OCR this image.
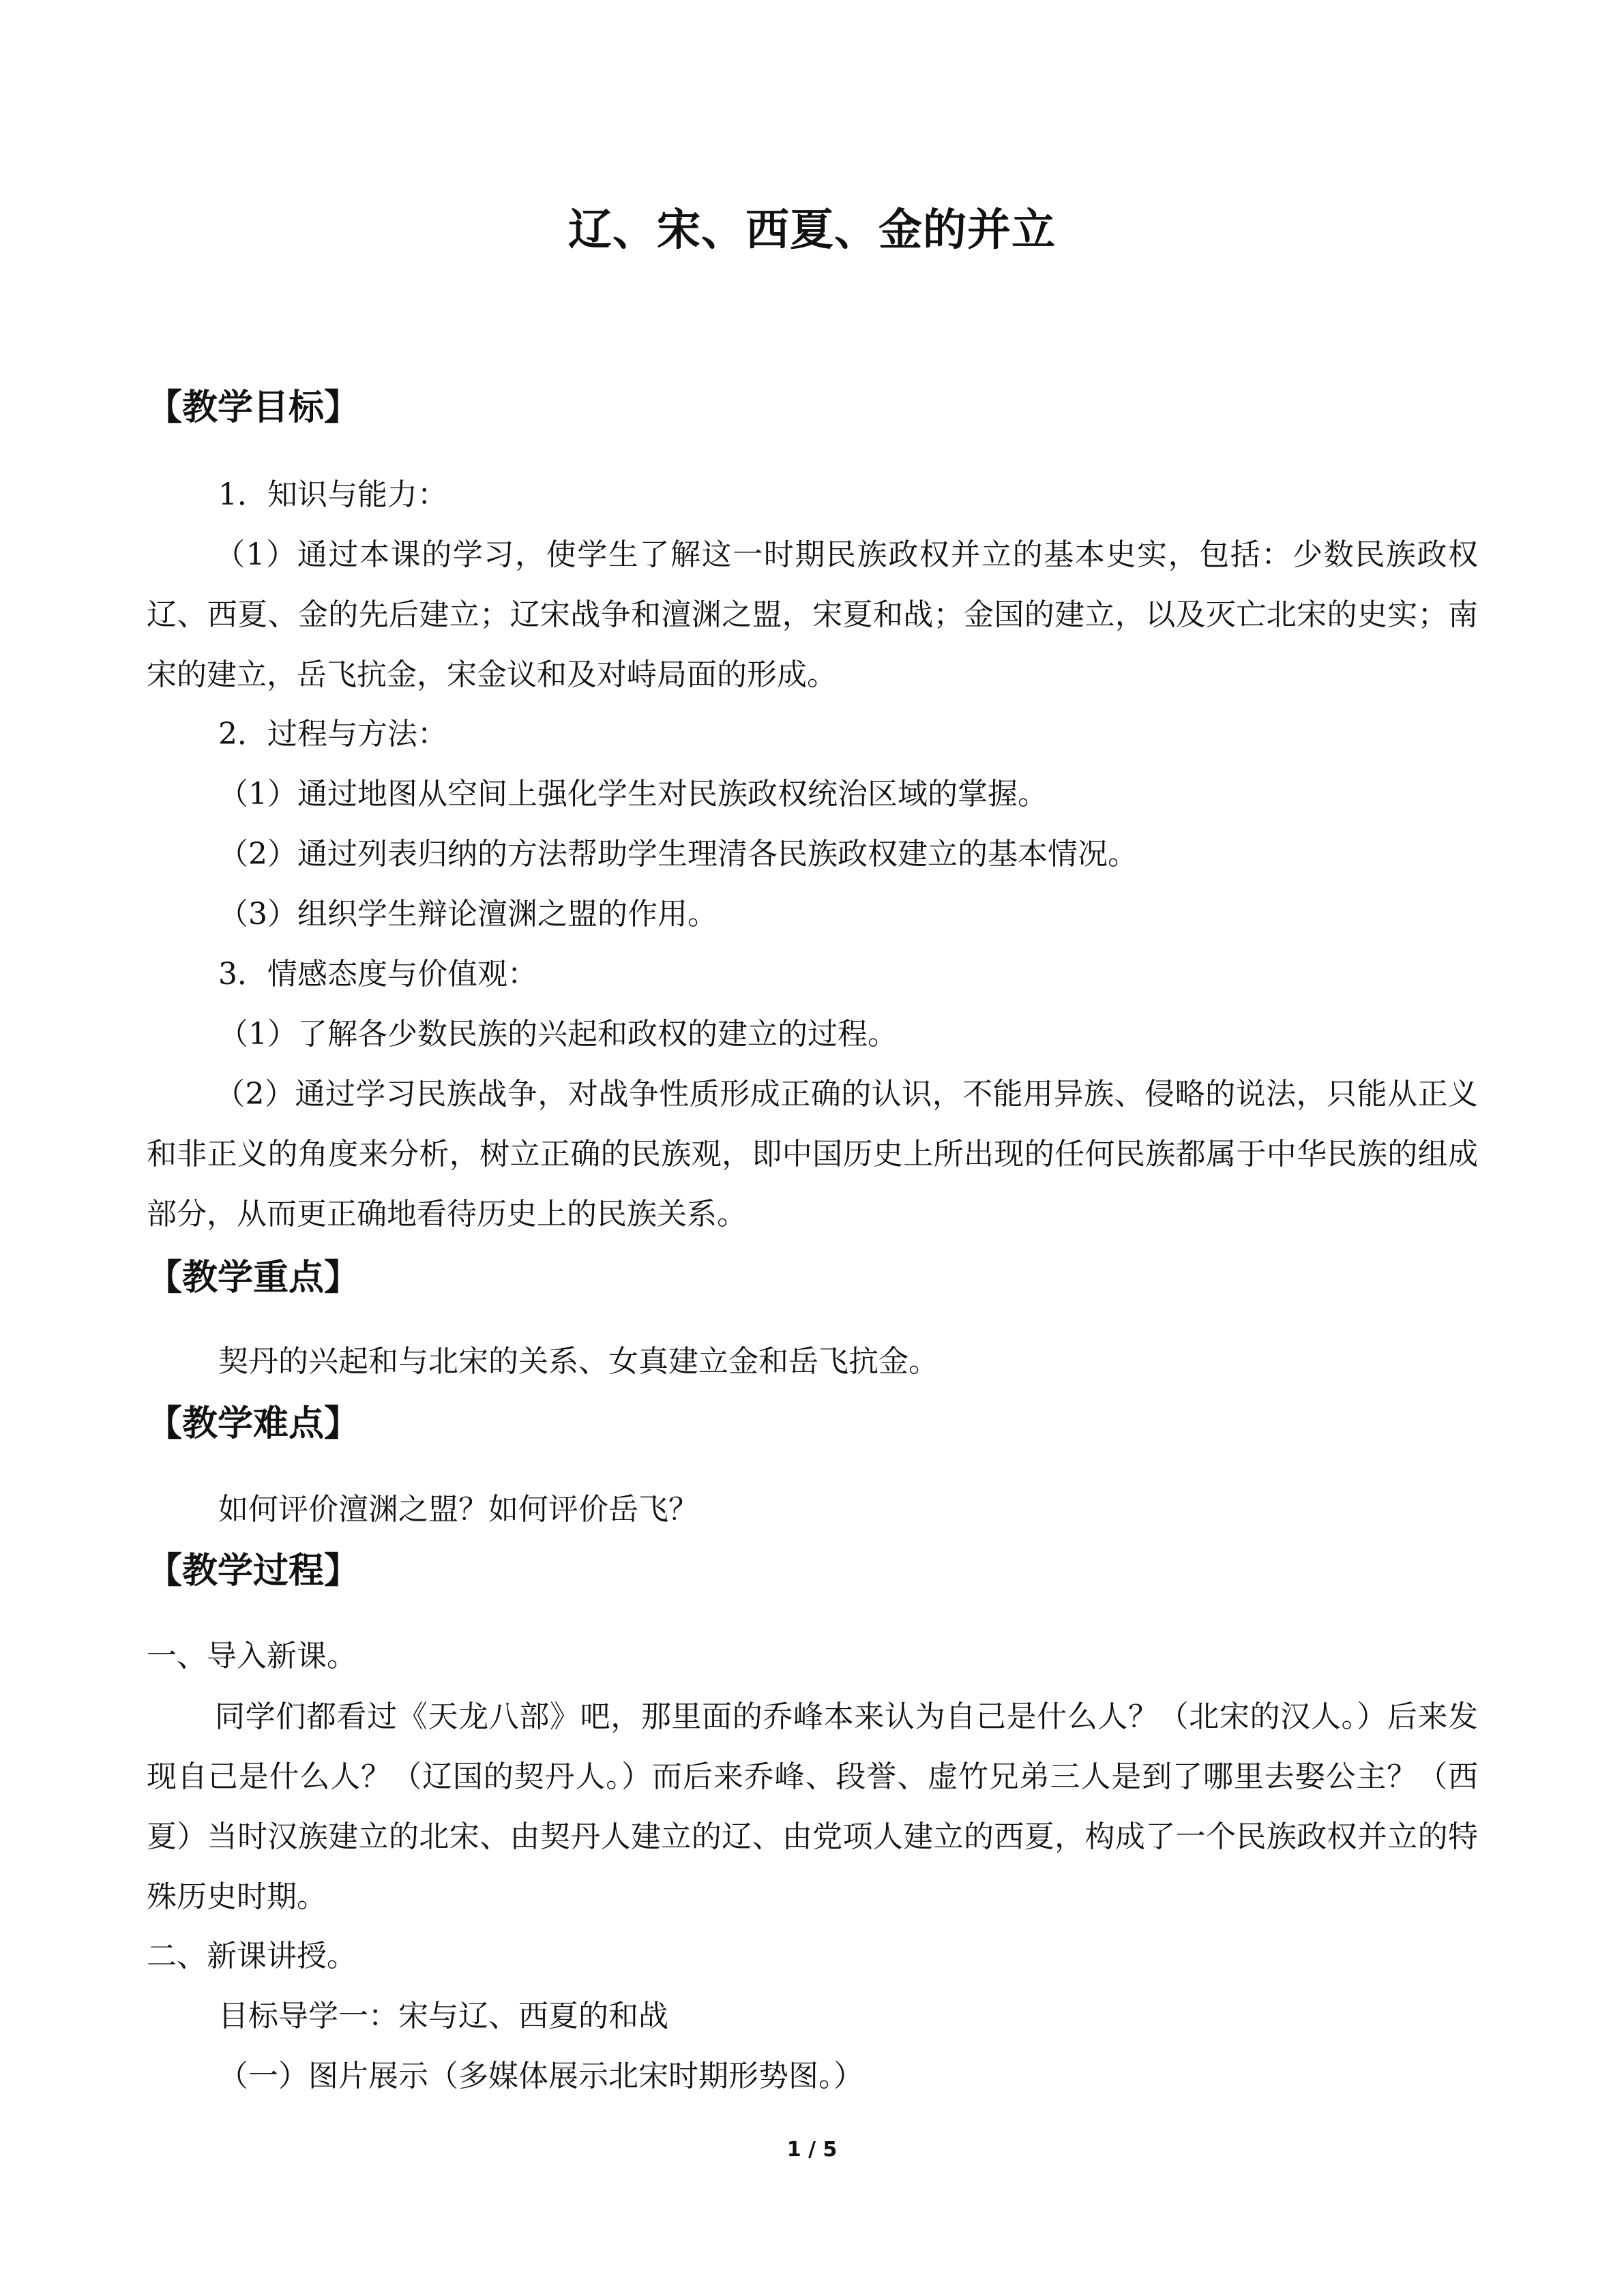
辽、宋、西夏、金的并立
【教学目标】
1．知识与能力：

（1）通过本课的学习，使学生了解这一时期民族政权并立的基本史实，包括：少数民族政权辽、西夏、金的先后建立；辽宋战争和澶渊之盟，宋夏和战；金国的建立，以及灭亡北宋的史实；南宋的建立，岳飞抗金，宋金议和及对峙局面的形成。

2．过程与方法：
（1）通过地图从空间上强化学生对民族政权统治区域的掌握。
（2）通过列表归纳的方法帮助学生理清各民族政权建立的基本情况。
（3）组织学生辩论澶渊之盟的作用。
3．情感态度与价值观：
（1）了解各少数民族的兴起和政权的建立的过程。

（2）通过学习民族战争，对战争性质形成正确的认识，不能用异族、侵略的说法，只能从正义和非正义的角度来分析，树立正确的民族观，即中国历史上所出现的任何民族都属于中华民族的组成部分，从而更正确地看待历史上的民族关系。

【教学重点】
契丹的兴起和与北宋的关系、女真建立金和岳飞抗金。
【教学难点】
如何评价澶渊之盟？如何评价岳飞？
【教学过程】
一、导入新课。

同学们都看过《天龙八部》吧，那里面的乔峰本来认为自己是什么人？（北宋的汉人。）后来发现自己是什么人？（辽国的契丹人。）而后来乔峰、段誉、虚竹兄弟三人是到了哪里去娶公主？（西夏）当时汉族建立的北宋、由契丹人建立的辽、由党项人建立的西夏，构成了一个民族政权并立的特殊历史时期。

二、新课讲授。
目标导学一：宋与辽、西夏的和战
（一）图片展示（多媒体展示北宋时期形势图。）
1 / 5
